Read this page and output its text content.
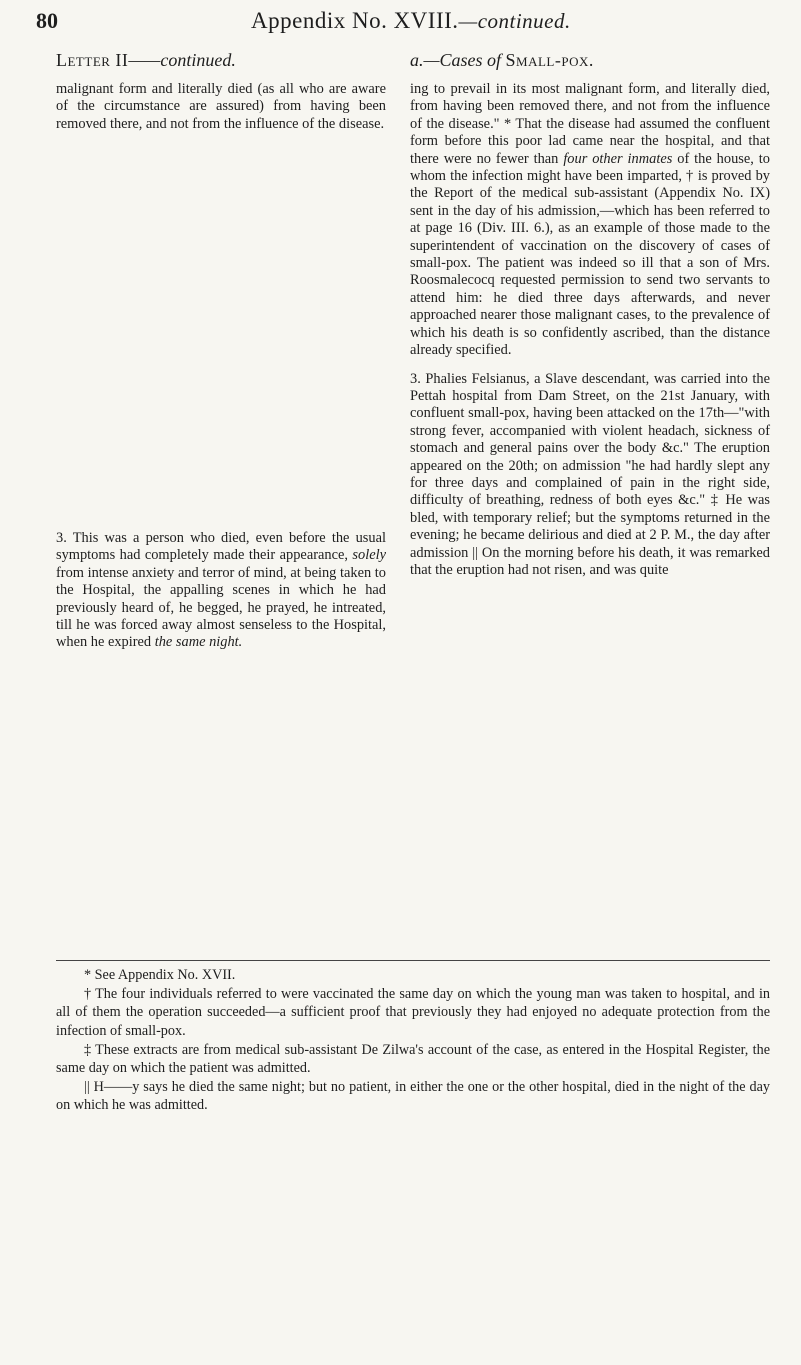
80	Appendix No. XVIII.—continued.
Letter II——continued.

malignant form and literally died (as all who are aware of the circumstance are assured) from having been removed there, and not from the influence of the disease.

3. This was a person who died, even before the usual symptoms had completely made their appearance, solely from intense anxiety and terror of mind, at being taken to the Hospital, the appalling scenes in which he had previously heard of, he begged, he prayed, he intreated, till he was forced away almost senseless to the Hospital, when he expired the same night.

a.—Cases of Small-pox.

ing to prevail in its most malignant form, and literally died, from having been removed there, and not from the influence of the disease." * That the disease had assumed the confluent form before this poor lad came near the hospital, and that there were no fewer than four other inmates of the house, to whom the infection might have been imparted, † is proved by the Report of the medical sub-assistant (Appendix No. IX) sent in the day of his admission,—which has been referred to at page 16 (Div. III. 6.), as an example of those made to the superintendent of vaccination on the discovery of cases of small-pox. The patient was indeed so ill that a son of Mrs. Roosmalecocq requested permission to send two servants to attend him: he died three days afterwards, and never approached nearer those malignant cases, to the prevalence of which his death is so confidently ascribed, than the distance already specified.

3. Phalies Felsianus, a Slave descendant, was carried into the Pettah hospital from Dam Street, on the 21st January, with confluent small-pox, having been attacked on the 17th—"with strong fever, accompanied with violent headach, sickness of stomach and general pains over the body &c." The eruption appeared on the 20th; on admission "he had hardly slept any for three days and complained of pain in the right side, difficulty of breathing, redness of both eyes &c." ‡ He was bled, with temporary relief; but the symptoms returned in the evening; he became delirious and died at 2 P. M., the day after admission || On the morning before his death, it was remarked that the eruption had not risen, and was quite

* See Appendix No. XVII.

† The four individuals referred to were vaccinated the same day on which the young man was taken to hospital, and in all of them the operation succeeded—a sufficient proof that previously they had enjoyed no adequate protection from the infection of small-pox.

‡ These extracts are from medical sub-assistant De Zilwa's account of the case, as entered in the Hospital Register, the same day on which the patient was admitted.

|| H——y says he died the same night; but no patient, in either the one or the other hospital, died in the night of the day on which he was admitted.
